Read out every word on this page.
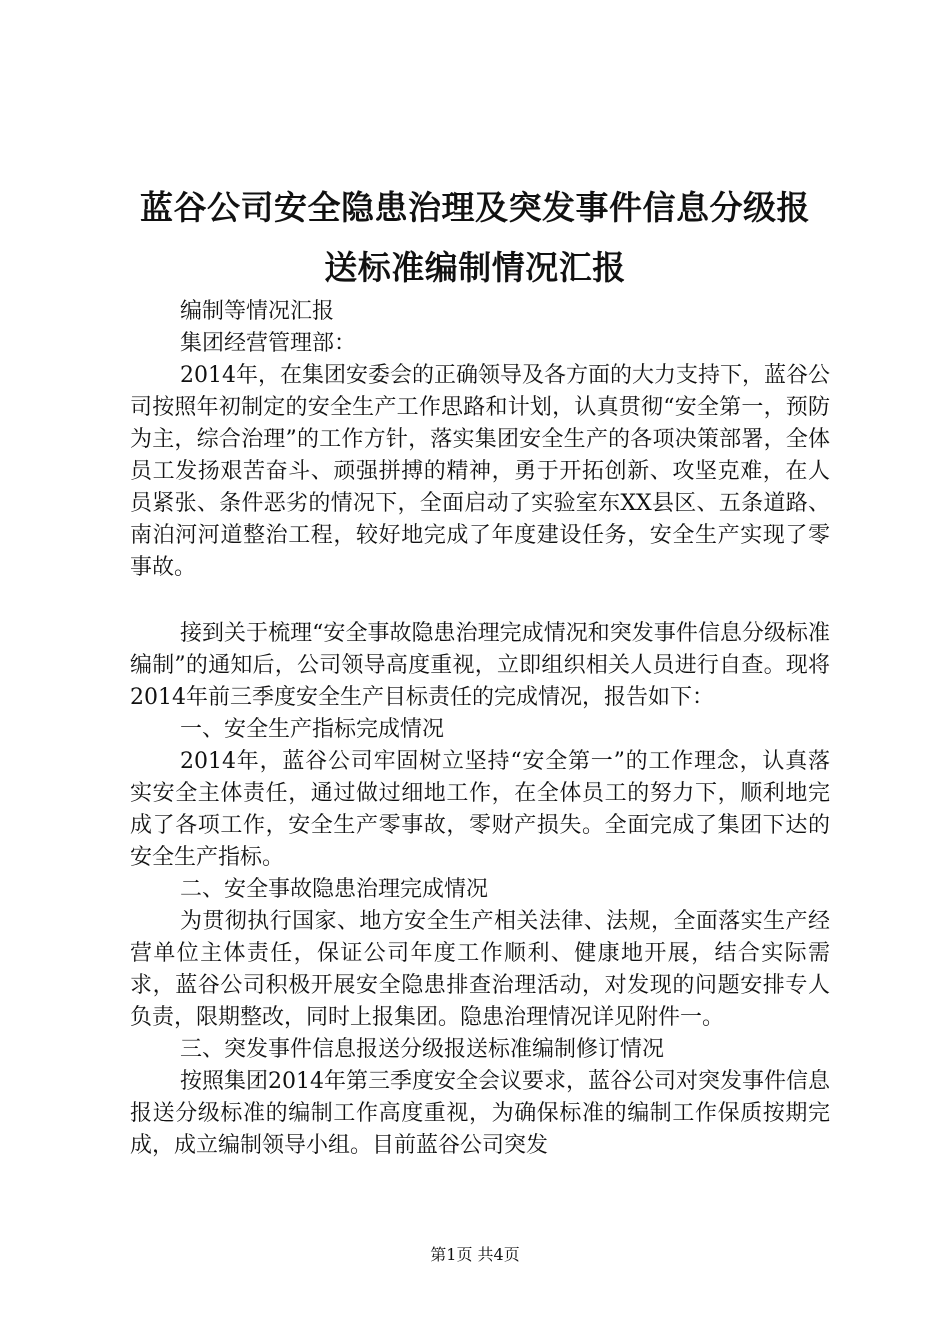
蓝谷公司安全隐患治理及突发事件信息分级报
送标准编制情况汇报

编制等情况汇报

集团经营管理部：

2014年，在集团安委会的正确领导及各方面的大力支持下，蓝谷公司按照年初制定的安全生产工作思路和计划，认真贯彻“安全第一，预防为主，综合治理”的工作方针，落实集团安全生产的各项决策部署，全体员工发扬艰苦奋斗、顽强拼搏的精神，勇于开拓创新、攻坚克难，在人员紧张、条件恶劣的情况下，全面启动了实验室东XX县区、五条道路、南泊河河道整治工程，较好地完成了年度建设任务，安全生产实现了零事故。

接到关于梳理“安全事故隐患治理完成情况和突发事件信息分级标准编制”的通知后，公司领导高度重视，立即组织相关人员进行自查。现将2014年前三季度安全生产目标责任的完成情况，报告如下：

一、安全生产指标完成情况

2014年，蓝谷公司牢固树立坚持“安全第一”的工作理念，认真落实安全主体责任，通过做过细地工作，在全体员工的努力下，顺利地完成了各项工作，安全生产零事故，零财产损失。全面完成了集团下达的安全生产指标。

二、安全事故隐患治理完成情况

为贯彻执行国家、地方安全生产相关法律、法规，全面落实生产经营单位主体责任，保证公司年度工作顺利、健康地开展，结合实际需求，蓝谷公司积极开展安全隐患排查治理活动，对发现的问题安排专人负责，限期整改，同时上报集团。隐患治理情况详见附件一。

三、突发事件信息报送分级报送标准编制修订情况

按照集团2014年第三季度安全会议要求，蓝谷公司对突发事件信息报送分级标准的编制工作高度重视，为确保标准的编制工作保质按期完成，成立编制领导小组。目前蓝谷公司突发

第1页 共4页
